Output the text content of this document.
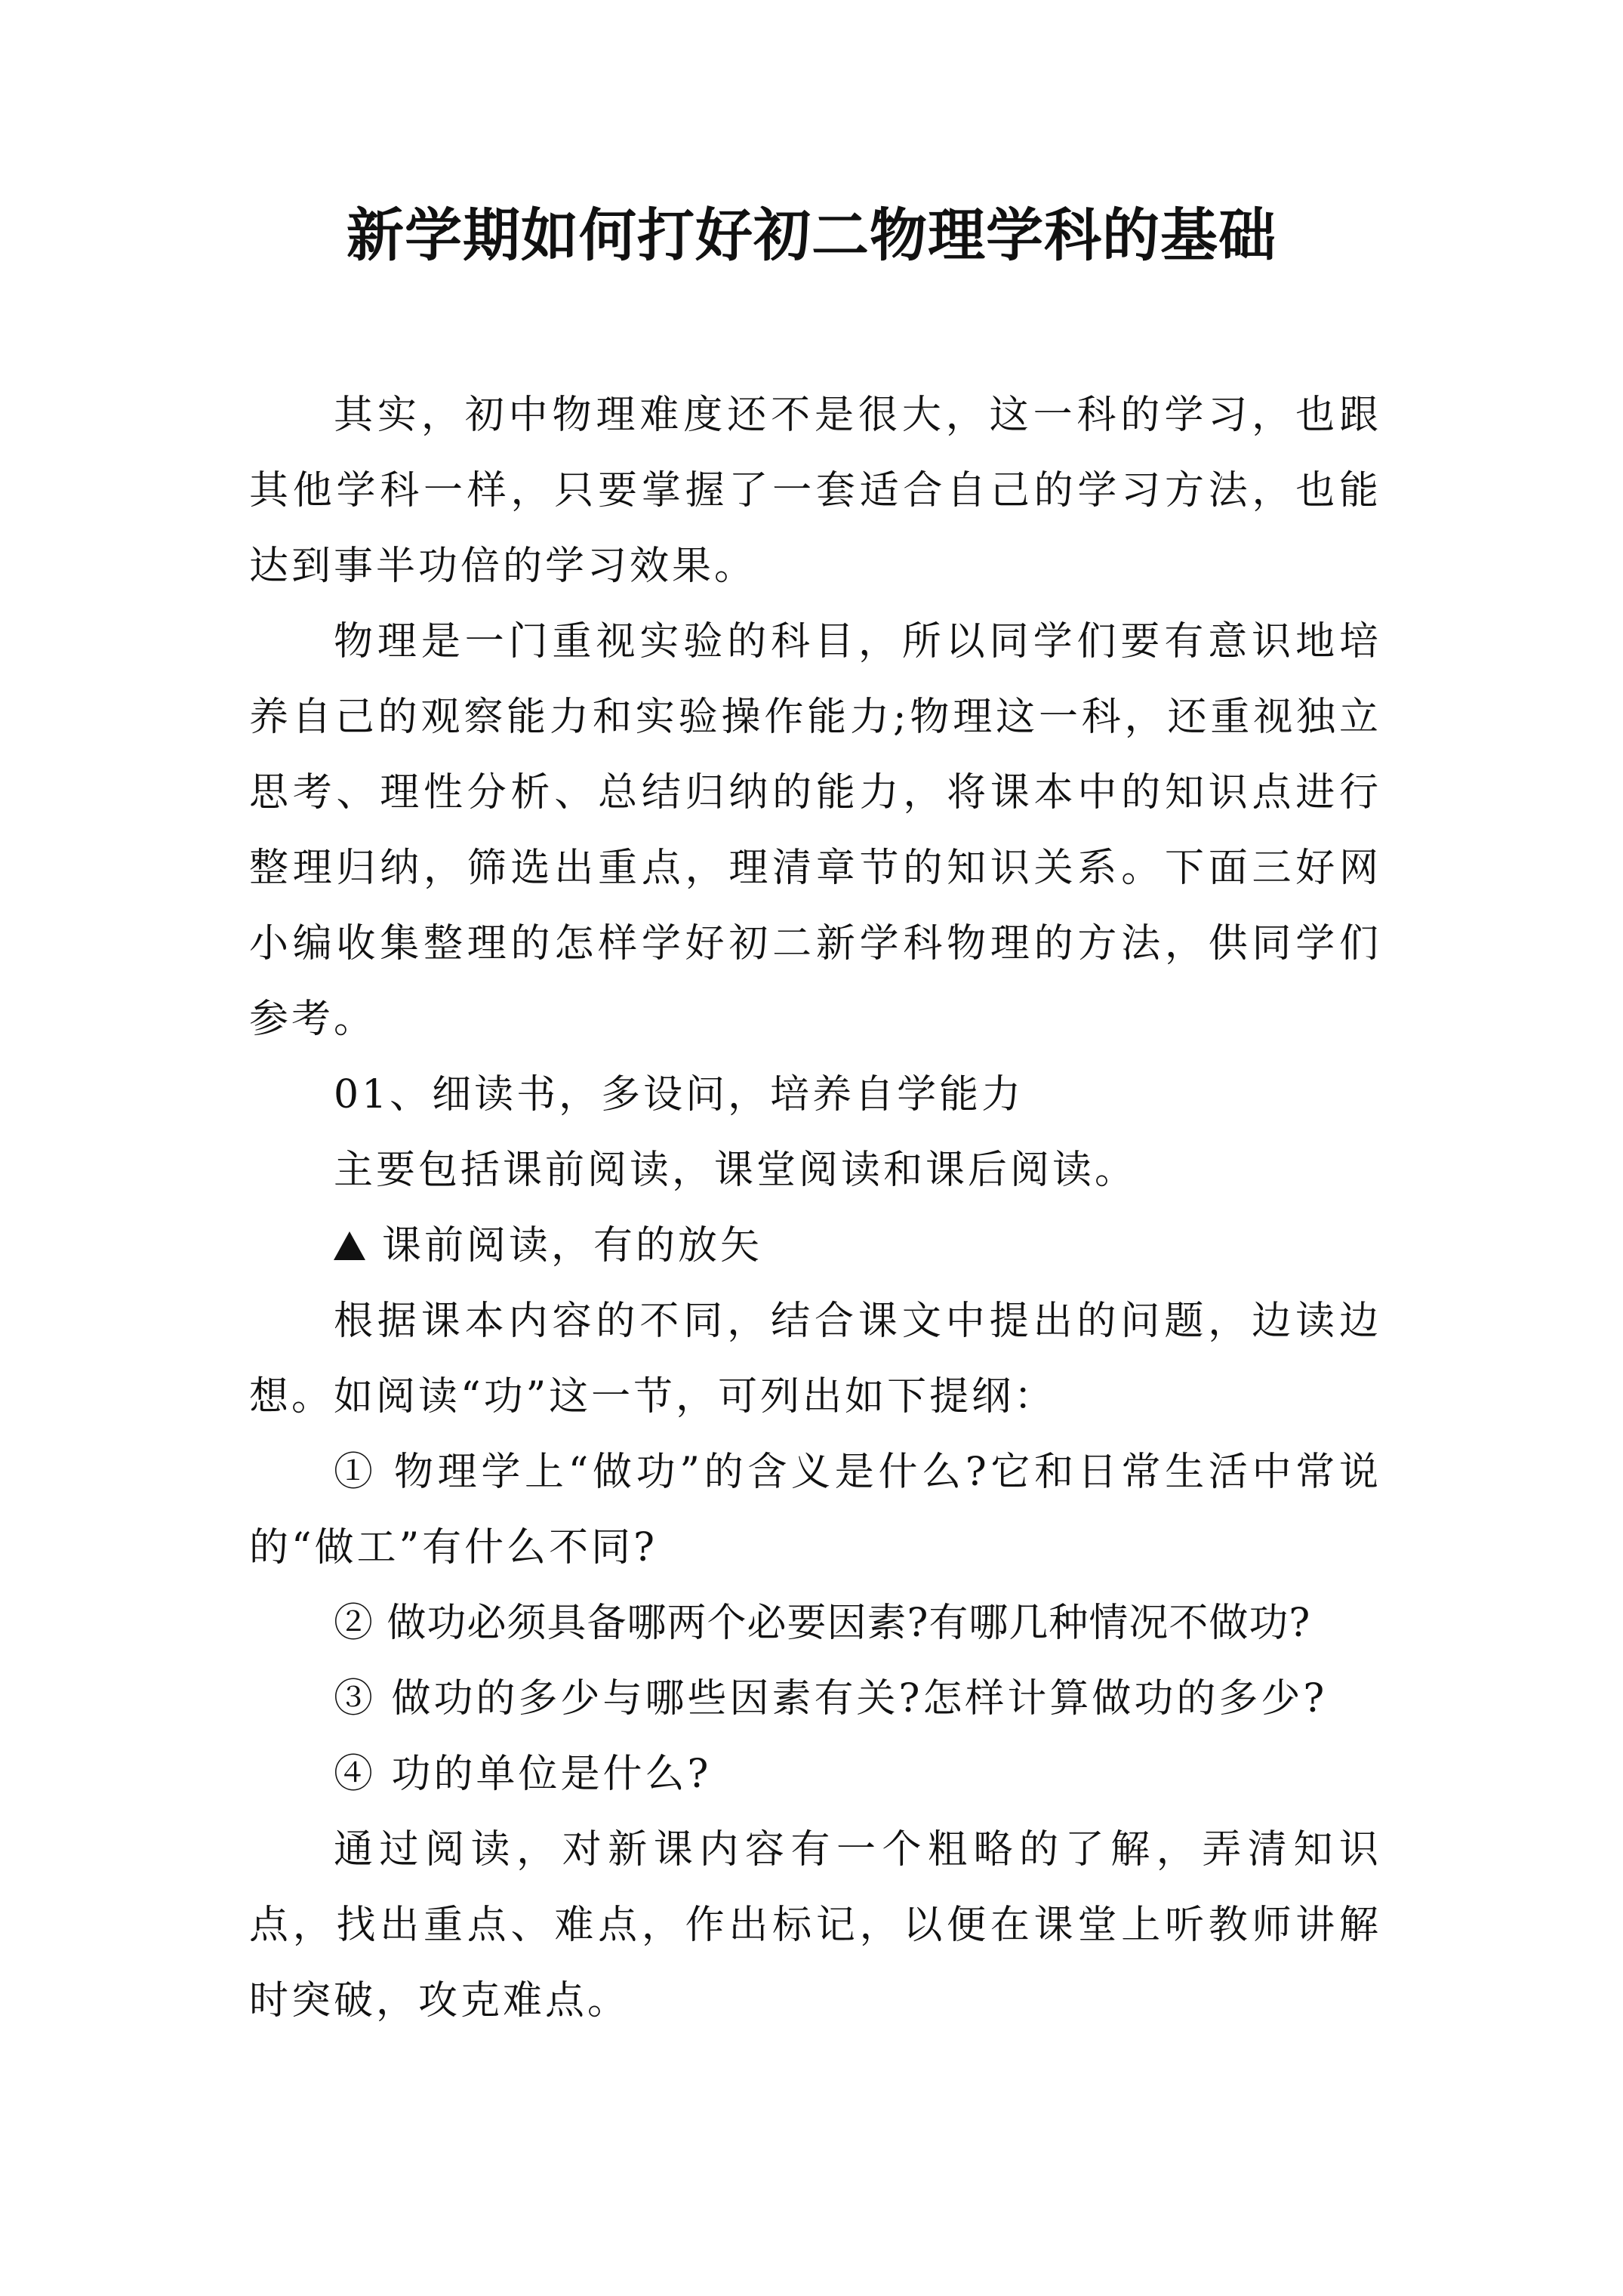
新学期如何打好初二物理学科的基础

其实，初中物理难度还不是很大，这一科的学习，也跟其他学科一样，只要掌握了一套适合自己的学习方法，也能达到事半功倍的学习效果。

物理是一门重视实验的科目，所以同学们要有意识地培养自己的观察能力和实验操作能力;物理这一科，还重视独立思考、理性分析、总结归纳的能力，将课本中的知识点进行整理归纳，筛选出重点，理清章节的知识关系。下面三好网小编收集整理的怎样学好初二新学科物理的方法，供同学们参考。

01、细读书，多设问，培养自学能力

主要包括课前阅读，课堂阅读和课后阅读。

课前阅读，有的放矢

根据课本内容的不同，结合课文中提出的问题，边读边想。如阅读“功”这一节，可列出如下提纲：

① 物理学上“做功”的含义是什么?它和日常生活中常说的“做工”有什么不同?

② 做功必须具备哪两个必要因素?有哪几种情况不做功?

③ 做功的多少与哪些因素有关?怎样计算做功的多少?

④ 功的单位是什么?

通过阅读，对新课内容有一个粗略的了解，弄清知识点，找出重点、难点，作出标记，以便在课堂上听教师讲解时突破，攻克难点。
